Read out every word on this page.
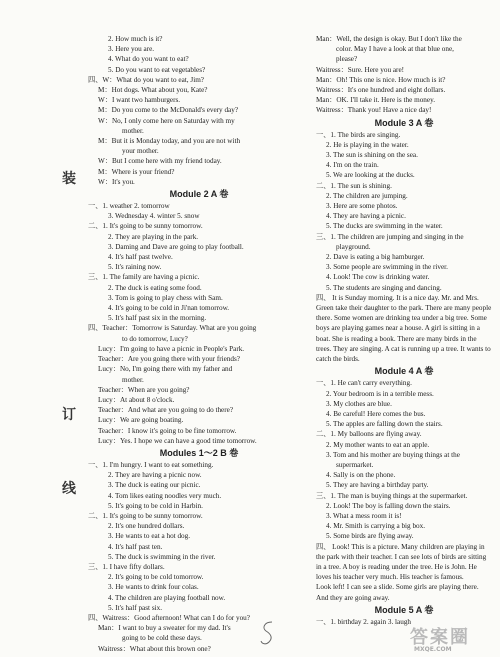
装
订
线
2. How much is it?
3. Here you are.
4. What do you want to eat?
5. Do you want to eat vegetables?
四、W：What do you want to eat, Jim?
M：Hot dogs. What about you, Kate?
W：I want two hamburgers.
M：Do you come to the McDonald's every day?
W：No, I only come here on Saturday with my
mother.
M：But it is Monday today, and you are not with
your mother.
W：But I come here with my friend today.
M：Where is your friend?
W：It's you.
Module 2 A 卷
一、1. weather 2. tomorrow
3. Wednesday 4. winter 5. snow
二、1. It's going to be sunny tomorrow.
2. They are playing in the park.
3. Daming and Dave are going to play football.
4. It's half past twelve.
5. It's raining now.
三、1. The family are having a picnic.
2. The duck is eating some food.
3. Tom is going to play chess with Sam.
4. It's going to be cold in Ji'nan tomorrow.
5. It's half past six in the morning.
四、Teacher：Tomorrow is Saturday. What are you going
to do tomorrow, Lucy?
Lucy：I'm going to have a picnic in People's Park.
Teacher：Are you going there with your friends?
Lucy：No, I'm going there with my father and
mother.
Teacher：When are you going?
Lucy：At about 8 o'clock.
Teacher：And what are you going to do there?
Lucy：We are going boating.
Teacher：I know it's going to be fine tomorrow.
Lucy：Yes. I hope we can have a good time tomorrow.
Modules 1～2 B 卷
一、1. I'm hungry. I want to eat something.
2. They are having a picnic now.
3. The duck is eating our picnic.
4. Tom likes eating noodles very much.
5. It's going to be cold in Harbin.
二、1. It's going to be sunny tomorrow.
2. It's one hundred dollars.
3. He wants to eat a hot dog.
4. It's half past ten.
5. The duck is swimming in the river.
三、1. I have fifty dollars.
2. It's going to be cold tomorrow.
3. He wants to drink four colas.
4. The children are playing football now.
5. It's half past six.
四、Waitress：Good afternoon! What can I do for you?
Man：I want to buy a sweater for my dad. It's
going to be cold these days.
Waitress：What about this brown one?
Man：Well, the design is okay. But I don't like the
color. May I have a look at that blue one,
please?
Waitress：Sure. Here you are!
Man：Oh! This one is nice. How much is it?
Waitress：It's one hundred and eight dollars.
Man：OK. I'll take it. Here is the money.
Waitress：Thank you! Have a nice day!
Module 3 A 卷
一、1. The birds are singing.
2. He is playing in the water.
3. The sun is shining on the sea.
4. I'm on the train.
5. We are looking at the ducks.
二、1. The sun is shining.
2. The children are jumping.
3. Here are some photos.
4. They are having a picnic.
5. The ducks are swimming in the water.
三、1. The children are jumping and singing in the
playground.
2. Dave is eating a big hamburger.
3. Some people are swimming in the river.
4. Look! The cow is drinking water.
5. The students are singing and dancing.
四、 It is Sunday morning. It is a nice day. Mr. and Mrs. Green take their daughter to the park. There are many people there. Some women are drinking tea under a big tree. Some boys are playing games near a house. A girl is sitting in a boat. She is reading a book. There are many birds in the trees. They are singing. A cat is running up a tree. It wants to catch the birds.
Module 4 A 卷
一、1. He can't carry everything.
2. Your bedroom is in a terrible mess.
3. My clothes are blue.
4. Be careful! Here comes the bus.
5. The apples are falling down the stairs.
二、1. My balloons are flying away.
2. My mother wants to eat an apple.
3. Tom and his mother are buying things at the
supermarket.
4. Sally is on the phone.
5. They are having a birthday party.
三、1. The man is buying things at the supermarket.
2. Look! The boy is falling down the stairs.
3. What a mess room it is!
4. Mr. Smith is carrying a big box.
5. Some birds are flying away.
四、 Look! This is a picture. Many children are playing in the park with their teacher. I can see lots of birds are sitting in a tree. A boy is reading under the tree. He is John. He loves his teacher very much. His teacher is famous.
Look left! I can see a slide. Some girls are playing there. And they are going away.
Module 5 A 卷
一、1. birthday 2. again 3. laugh
答案圈
MXQE.COM
